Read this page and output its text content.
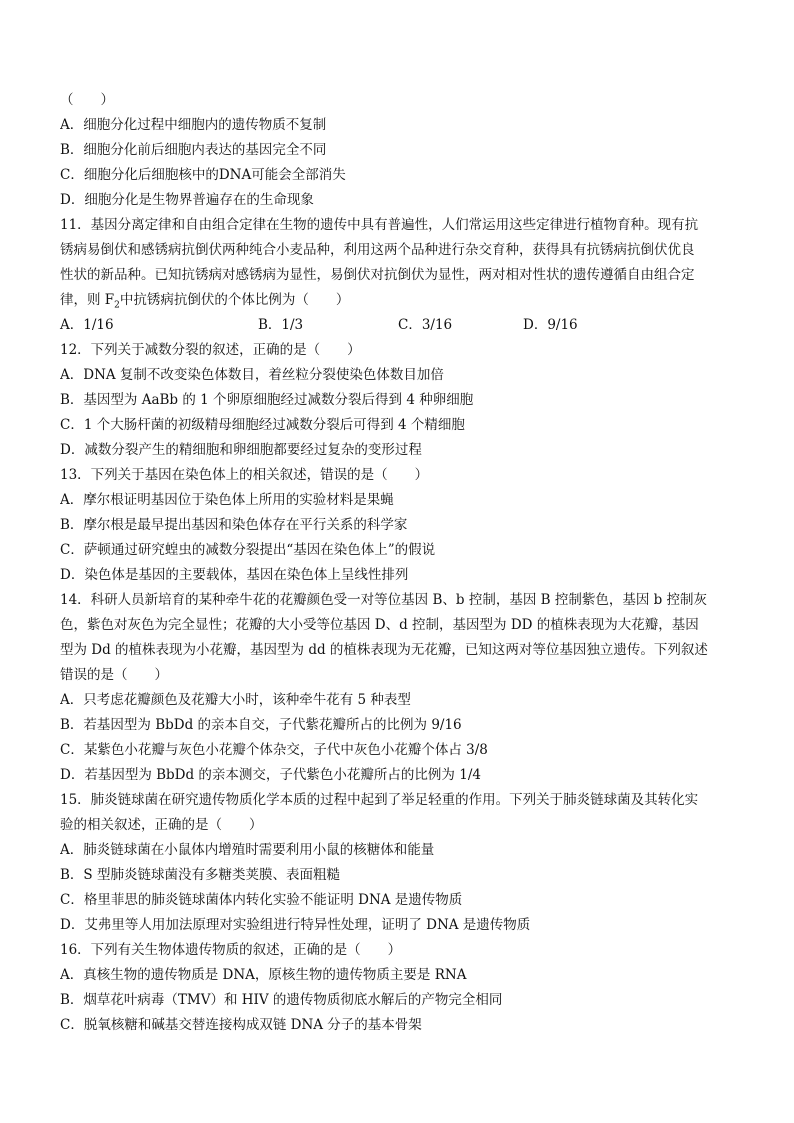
（　　）
A．细胞分化过程中细胞内的遗传物质不复制
B．细胞分化前后细胞内表达的基因完全不同
C．细胞分化后细胞核中的DNA可能会全部消失
D．细胞分化是生物界普遍存在的生命现象
11．基因分离定律和自由组合定律在生物的遗传中具有普遍性，人们常运用这些定律进行植物育种。现有抗
锈病易倒伏和感锈病抗倒伏两种纯合小麦品种，利用这两个品种进行杂交育种，获得具有抗锈病抗倒伏优良
性状的新品种。已知抗锈病对感锈病为显性，易倒伏对抗倒伏为显性，两对相对性状的遗传遵循自由组合定
律，则 $F_2$中抗锈病抗倒伏的个体比例为（　　）
A．1/16	B．1/3	C．3/16	D．9/16
12．下列关于减数分裂的叙述，正确的是（　　）
A．DNA 复制不改变染色体数目，着丝粒分裂使染色体数目加倍
B．基因型为 AaBb 的 1 个卵原细胞经过减数分裂后得到 4 种卵细胞
C．1 个大肠杆菌的初级精母细胞经过减数分裂后可得到 4 个精细胞
D．减数分裂产生的精细胞和卵细胞都要经过复杂的变形过程
13．下列关于基因在染色体上的相关叙述，错误的是（　　）
A．摩尔根证明基因位于染色体上所用的实验材料是果蝇
B．摩尔根是最早提出基因和染色体存在平行关系的科学家
C．萨顿通过研究蝗虫的减数分裂提出“基因在染色体上”的假说
D．染色体是基因的主要载体，基因在染色体上呈线性排列
14．科研人员新培育的某种牵牛花的花瓣颜色受一对等位基因 B、b 控制，基因 B 控制紫色，基因 b 控制灰
色，紫色对灰色为完全显性；花瓣的大小受等位基因 D、d 控制，基因型为 DD 的植株表现为大花瓣，基因
型为 Dd 的植株表现为小花瓣，基因型为 dd 的植株表现为无花瓣，已知这两对等位基因独立遗传。下列叙述
错误的是（　　）
A．只考虑花瓣颜色及花瓣大小时，该种牵牛花有 5 种表型
B．若基因型为 BbDd 的亲本自交，子代紫花瓣所占的比例为 9/16
C．某紫色小花瓣与灰色小花瓣个体杂交，子代中灰色小花瓣个体占 3/8
D．若基因型为 BbDd 的亲本测交，子代紫色小花瓣所占的比例为 1/4
15．肺炎链球菌在研究遗传物质化学本质的过程中起到了举足轻重的作用。下列关于肺炎链球菌及其转化实
验的相关叙述，正确的是（　　）
A．肺炎链球菌在小鼠体内增殖时需要利用小鼠的核糖体和能量
B．S 型肺炎链球菌没有多糖类荚膜、表面粗糙
C．格里菲思的肺炎链球菌体内转化实验不能证明 DNA 是遗传物质
D．艾弗里等人用加法原理对实验组进行特异性处理，证明了 DNA 是遗传物质
16．下列有关生物体遗传物质的叙述，正确的是（　　）
A．真核生物的遗传物质是 DNA，原核生物的遗传物质主要是 RNA
B．烟草花叶病毒（TMV）和 HIV 的遗传物质彻底水解后的产物完全相同
C．脱氧核糖和碱基交替连接构成双链 DNA 分子的基本骨架
